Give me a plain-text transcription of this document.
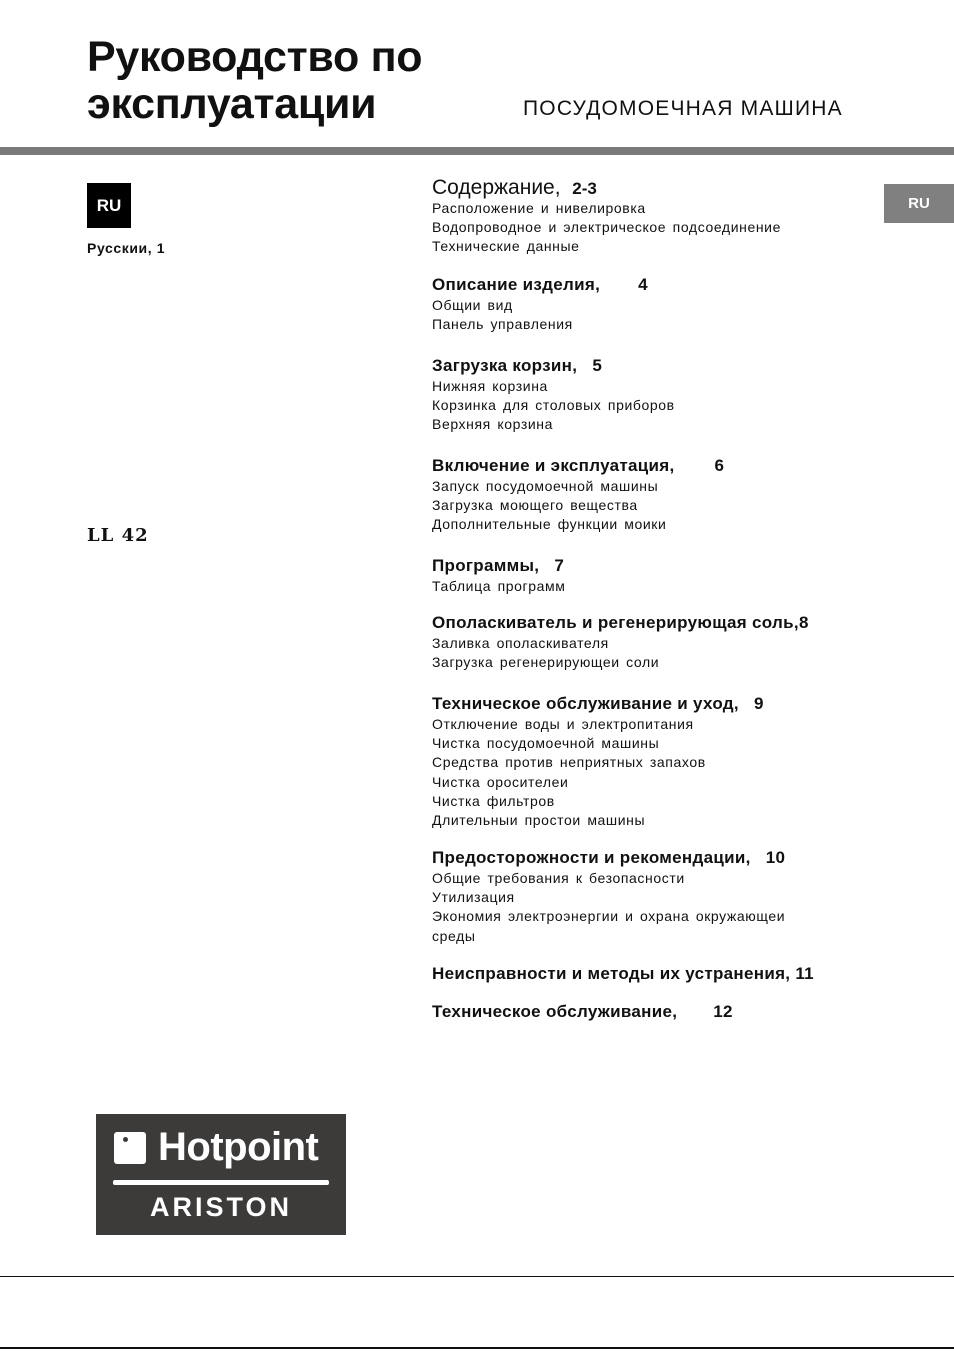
Руководство по
эксплуатации	ПОСУДОМОЕЧНАЯ МАШИНА
RU
Русскии, 1
RU
LL 42
Содержание, 2-3
Расположение и нивелировка
Водопроводное и электрическое подсоединение
Технические данные
Описание изделия, 4
Общии вид
Панель управления
Загрузка корзин, 5
Нижняя корзина
Корзинка для столовых приборов
Верхняя корзина
Включение и эксплуатация, 6
Запуск посудомоечной машины
Загрузка моющего вещества
Дополнительные функции моики
Программы, 7
Таблица программ
Ополаскиватель и регенерирующая соль,8
Заливка ополаскивателя
Загрузка регенерирующеи соли
Техническое обслуживание и уход, 9
Отключение воды и электропитания
Чистка посудомоечной машины
Средства против неприятных запахов
Чистка оросителеи
Чистка фильтров
Длительныи простои машины
Предосторожности и рекомендации, 10
Общие требования к безопасности
Утилизация
Экономия электроэнергии и охрана окружающеи
среды
Неисправности и методы их устранения, 11
Техническое обслуживание, 12
Hotpoint
ARISTON
